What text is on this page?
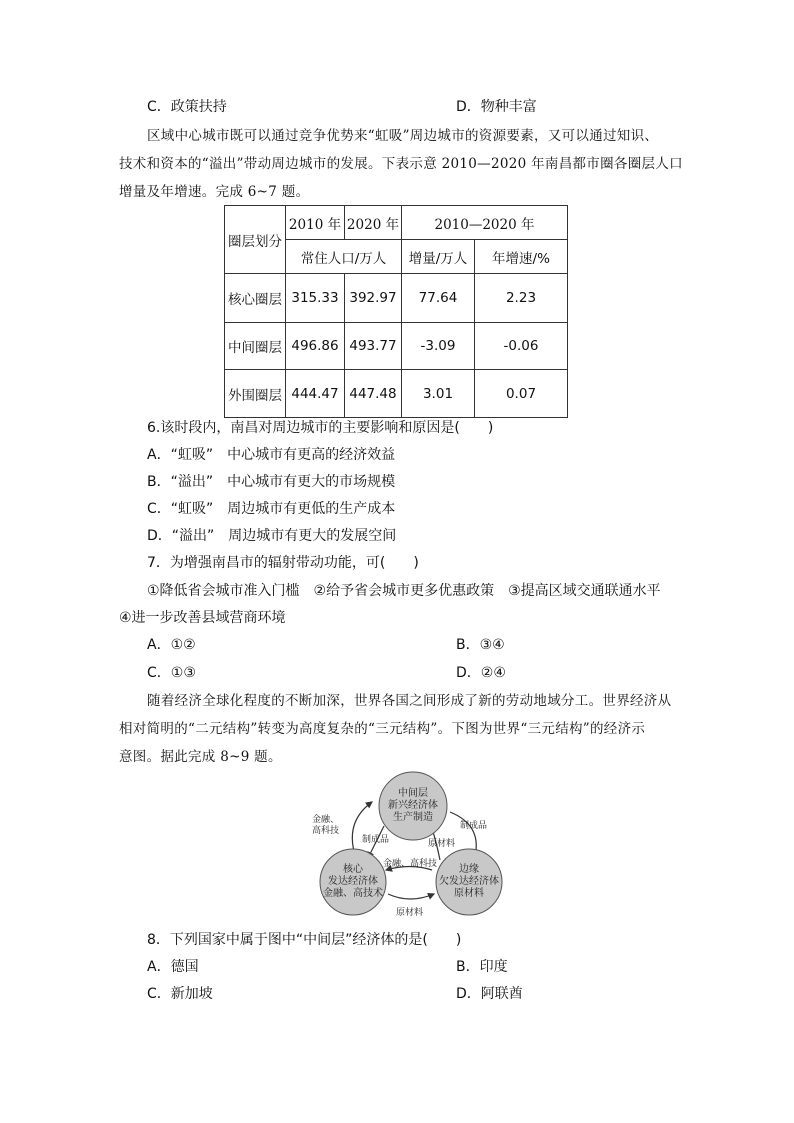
C．政策扶持	D．物种丰富
区域中心城市既可以通过竞争优势来“虹吸”周边城市的资源要素，又可以通过知识、
技术和资本的“溢出”带动周边城市的发展。下表示意 2010—2020 年南昌都市圈各圈层人口
增量及年增速。完成 6~7 题。
圈层划分	2010 年	2020 年	2010—2020 年	
	常住人口/万人		增量/万人	年增速/%
核心圈层	315.33	392.97	77.64	2.23
中间圈层	496.86	493.77	-3.09	-0.06
外围圈层	444.47	447.48	3.01	0.07
6.该时段内，南昌对周边城市的主要影响和原因是(　　)
A．“虹吸”　中心城市有更高的经济效益
B．“溢出”　中心城市有更大的市场规模
C．“虹吸”　周边城市有更低的生产成本
D．“溢出”　周边城市有更大的发展空间
7．为增强南昌市的辐射带动功能，可(　　)
①降低省会城市准入门槛　②给予省会城市更多优惠政策　③提高区域交通联通水平
④进一步改善县域营商环境
A．①②	B．③④
C．①③	D．②④
随着经济全球化程度的不断加深，世界各国之间形成了新的劳动地域分工。世界经济从
相对简明的“二元结构”转变为高度复杂的“三元结构”。下图为世界“三元结构”的经济示
意图。据此完成 8~9 题。
中间层
新兴经济体
生产制造
核心
发达经济体
金融、高技术
边缘
欠发达经济体
原材料
金融、
高科技
制成品	原材料
制成品
金融、高科技
原材料
8．下列国家中属于图中“中间层”经济体的是(　　)
A．德国	B．印度
C．新加坡	D．阿联酋
